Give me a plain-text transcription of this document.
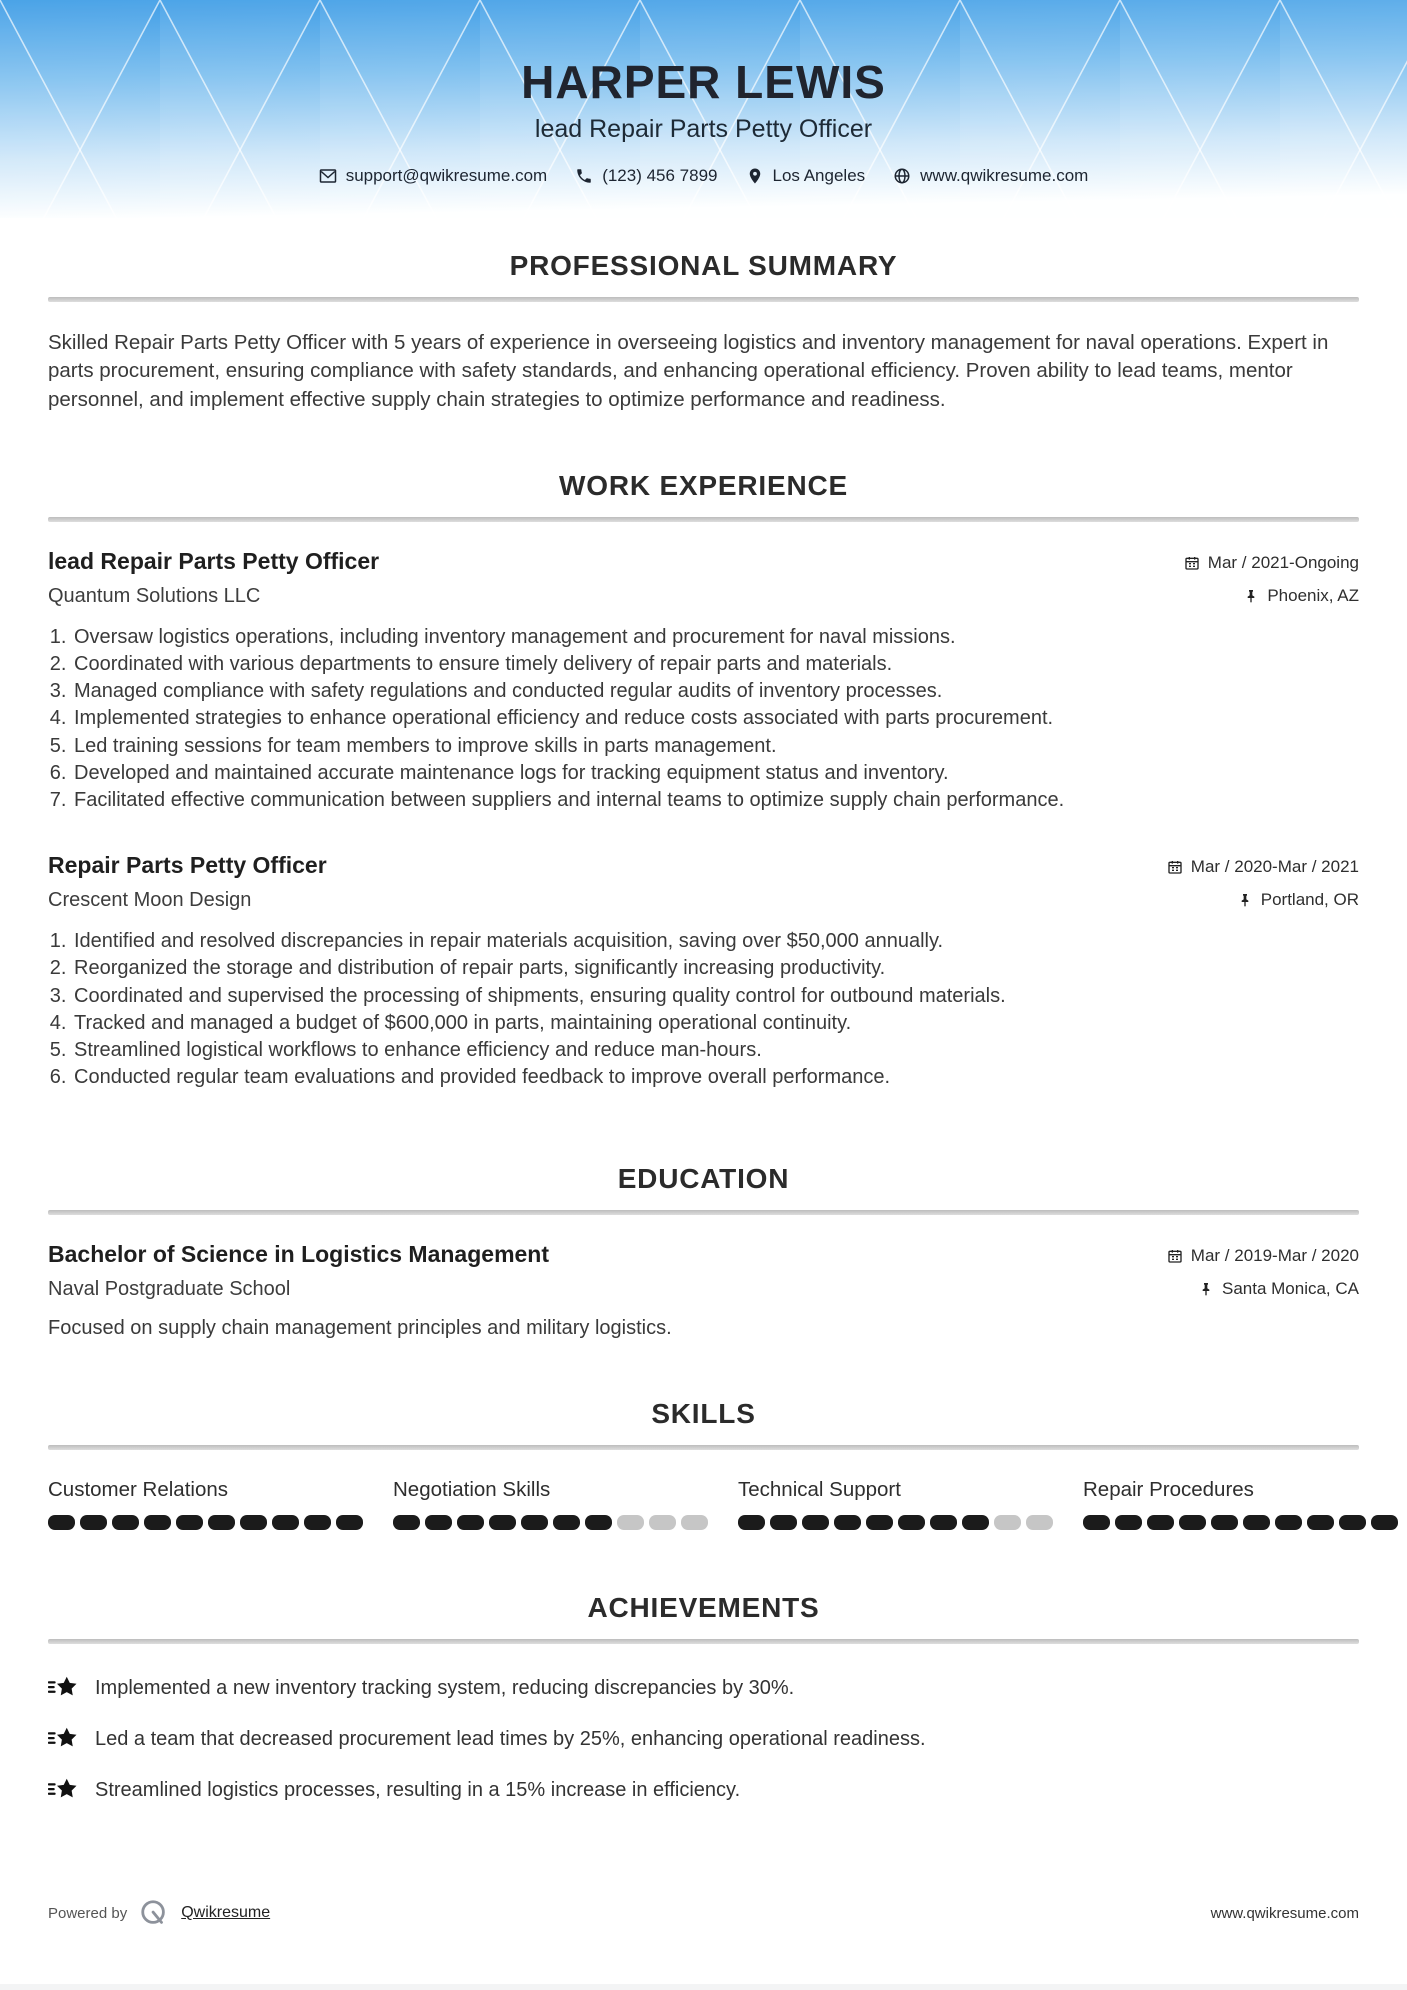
HARPER LEWIS
lead Repair Parts Petty Officer
support@qwikresume.com	(123) 456 7899	Los Angeles	www.qwikresume.com
PROFESSIONAL SUMMARY

Skilled Repair Parts Petty Officer with 5 years of experience in overseeing logistics and inventory management for naval operations. Expert in parts procurement, ensuring compliance with safety standards, and enhancing operational efficiency. Proven ability to lead teams, mentor personnel, and implement effective supply chain strategies to optimize performance and readiness.

WORK EXPERIENCE
lead Repair Parts Petty Officer
Quantum Solutions LLC
Mar / 2021-Ongoing
Phoenix, AZ
1. Oversaw logistics operations, including inventory management and procurement for naval missions.
2. Coordinated with various departments to ensure timely delivery of repair parts and materials.
3. Managed compliance with safety regulations and conducted regular audits of inventory processes.
4. Implemented strategies to enhance operational efficiency and reduce costs associated with parts procurement.
5. Led training sessions for team members to improve skills in parts management.
6. Developed and maintained accurate maintenance logs for tracking equipment status and inventory.
7. Facilitated effective communication between suppliers and internal teams to optimize supply chain performance.
Repair Parts Petty Officer
Crescent Moon Design
Mar / 2020-Mar / 2021
Portland, OR
1. Identified and resolved discrepancies in repair materials acquisition, saving over $50,000 annually.
2. Reorganized the storage and distribution of repair parts, significantly increasing productivity.
3. Coordinated and supervised the processing of shipments, ensuring quality control for outbound materials.
4. Tracked and managed a budget of $600,000 in parts, maintaining operational continuity.
5. Streamlined logistical workflows to enhance efficiency and reduce man-hours.
6. Conducted regular team evaluations and provided feedback to improve overall performance.
EDUCATION
Bachelor of Science in Logistics Management
Naval Postgraduate School
Mar / 2019-Mar / 2020
Santa Monica, CA
Focused on supply chain management principles and military logistics.
SKILLS
Customer Relations	Negotiation Skills	Technical Support	Repair Procedures
ACHIEVEMENTS
Implemented a new inventory tracking system, reducing discrepancies by 30%.
Led a team that decreased procurement lead times by 25%, enhancing operational readiness.
Streamlined logistics processes, resulting in a 15% increase in efficiency.
Powered by	Qwikresume	www.qwikresume.com
